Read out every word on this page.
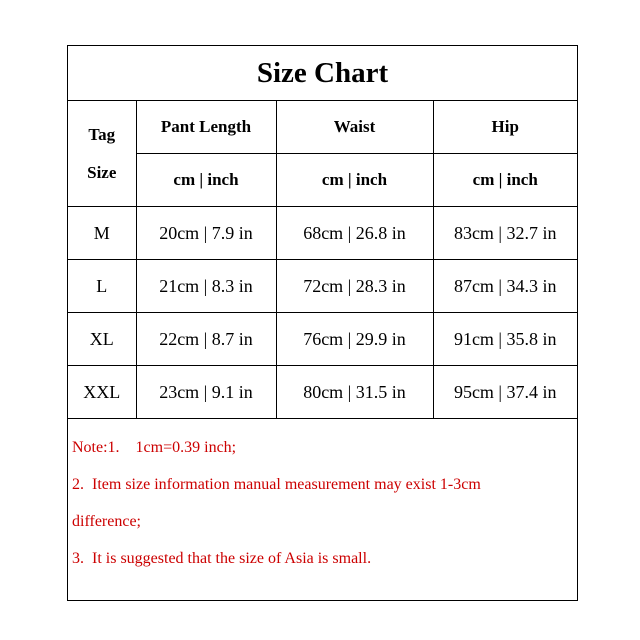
Size Chart
Tag
Size	Pant Length	Waist	Hip
	cm | inch	cm | inch	cm | inch
M	20cm | 7.9 in	68cm | 26.8 in	83cm | 32.7 in
L	21cm | 8.3 in	72cm | 28.3 in	87cm | 34.3 in
XL	22cm | 8.7 in	76cm | 29.9 in	91cm | 35.8 in
XXL	23cm | 9.1 in	80cm | 31.5 in	95cm | 37.4 in
Note:1.    1cm=0.39 inch;
2.  Item size information manual measurement may exist 1-3cm
difference;
3.  It is suggested that the size of Asia is small.
